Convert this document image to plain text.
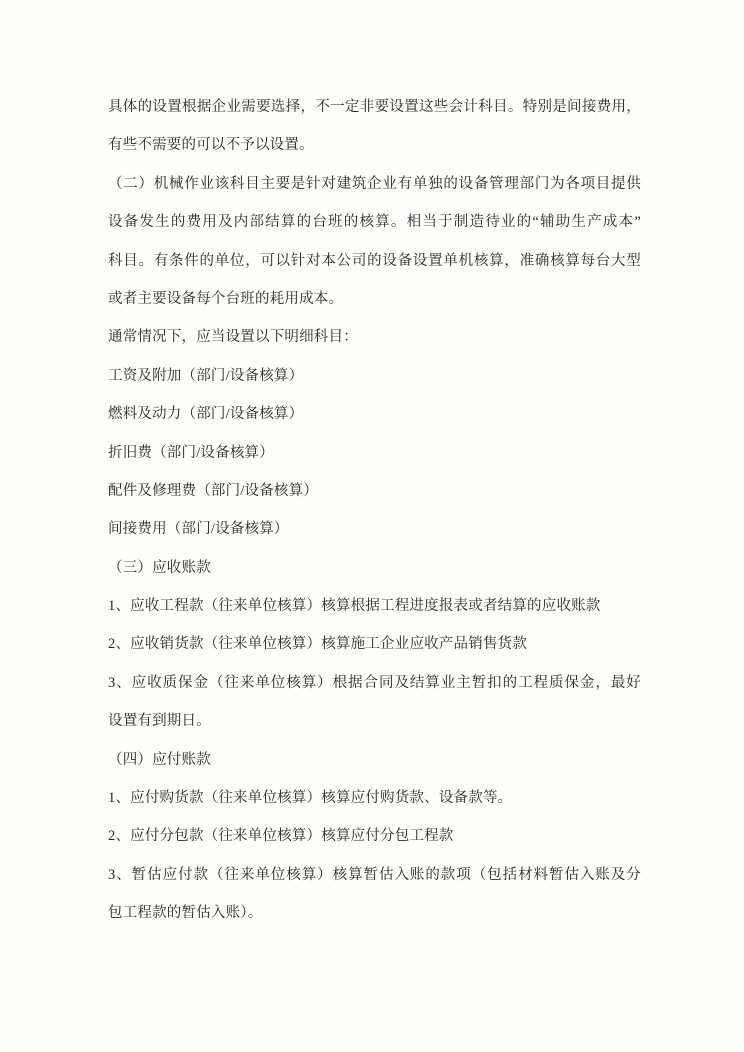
具体的设置根据企业需要选择，不一定非要设置这些会计科目。特别是间接费用，
有些不需要的可以不予以设置。
（二）机械作业该科目主要是针对建筑企业有单独的设备管理部门为各项目提供
设备发生的费用及内部结算的台班的核算。相当于制造待业的“辅助生产成本”
科目。有条件的单位，可以针对本公司的设备设置单机核算，准确核算每台大型
或者主要设备每个台班的耗用成本。
通常情况下，应当设置以下明细科目：
工资及附加（部门/设备核算）
燃料及动力（部门/设备核算）
折旧费（部门/设备核算）
配件及修理费（部门/设备核算）
间接费用（部门/设备核算）
（三）应收账款
1、应收工程款（往来单位核算）核算根据工程进度报表或者结算的应收账款
2、应收销货款（往来单位核算）核算施工企业应收产品销售货款
3、应收质保金（往来单位核算）根据合同及结算业主暂扣的工程质保金，最好
设置有到期日。
（四）应付账款
1、应付购货款（往来单位核算）核算应付购货款、设备款等。
2、应付分包款（往来单位核算）核算应付分包工程款
3、暂估应付款（往来单位核算）核算暂估入账的款项（包括材料暂估入账及分
包工程款的暂估入账）。
